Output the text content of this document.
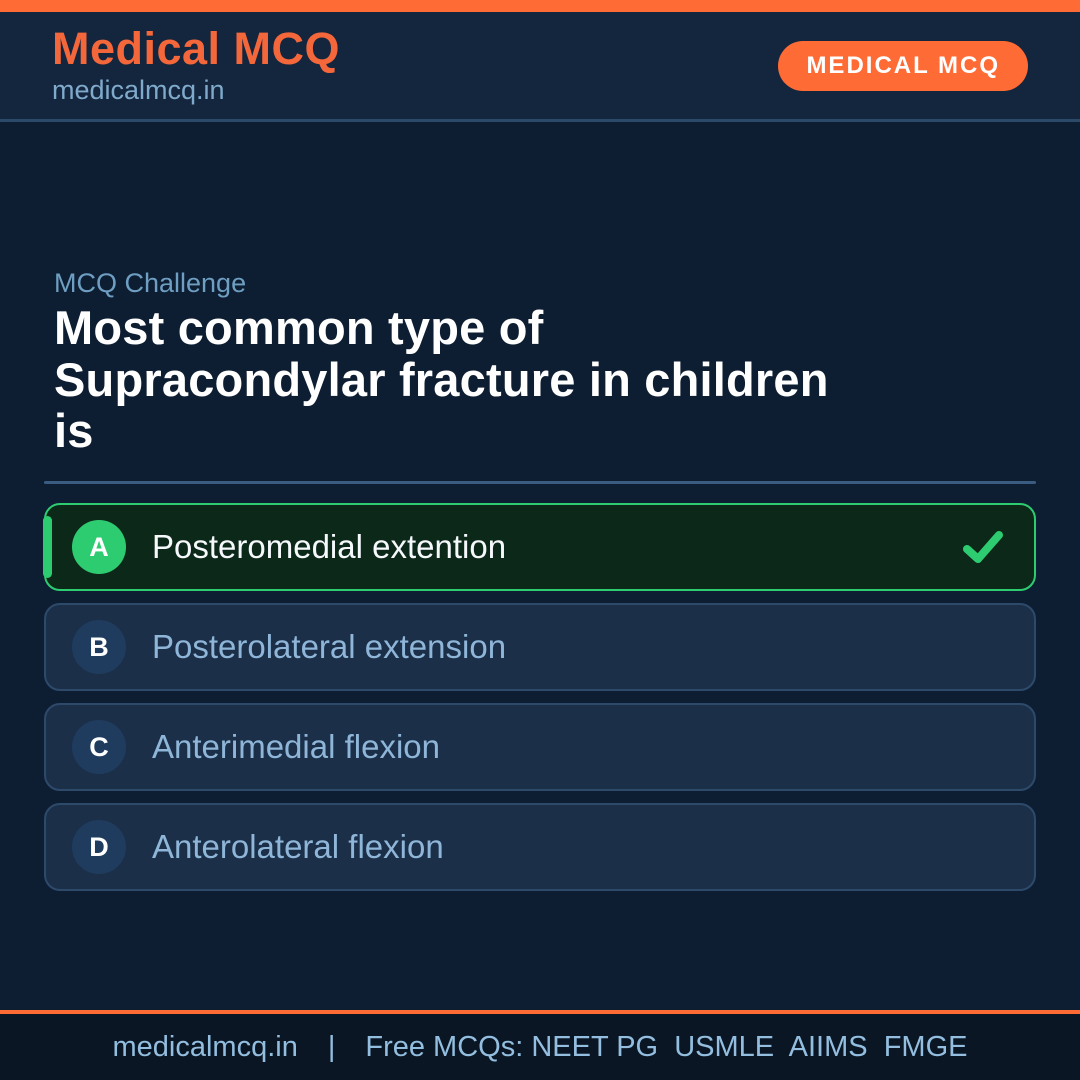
Medical MCQ
medicalmcq.in
MEDICAL MCQ
MCQ Challenge
Most common type of Supracondylar fracture in children is
A	Posteromedial extention
B	Posterolateral extension
C	Anterimedial flexion
D	Anterolateral flexion
medicalmcq.in | Free MCQs: NEET PG  USMLE  AIIMS  FMGE
